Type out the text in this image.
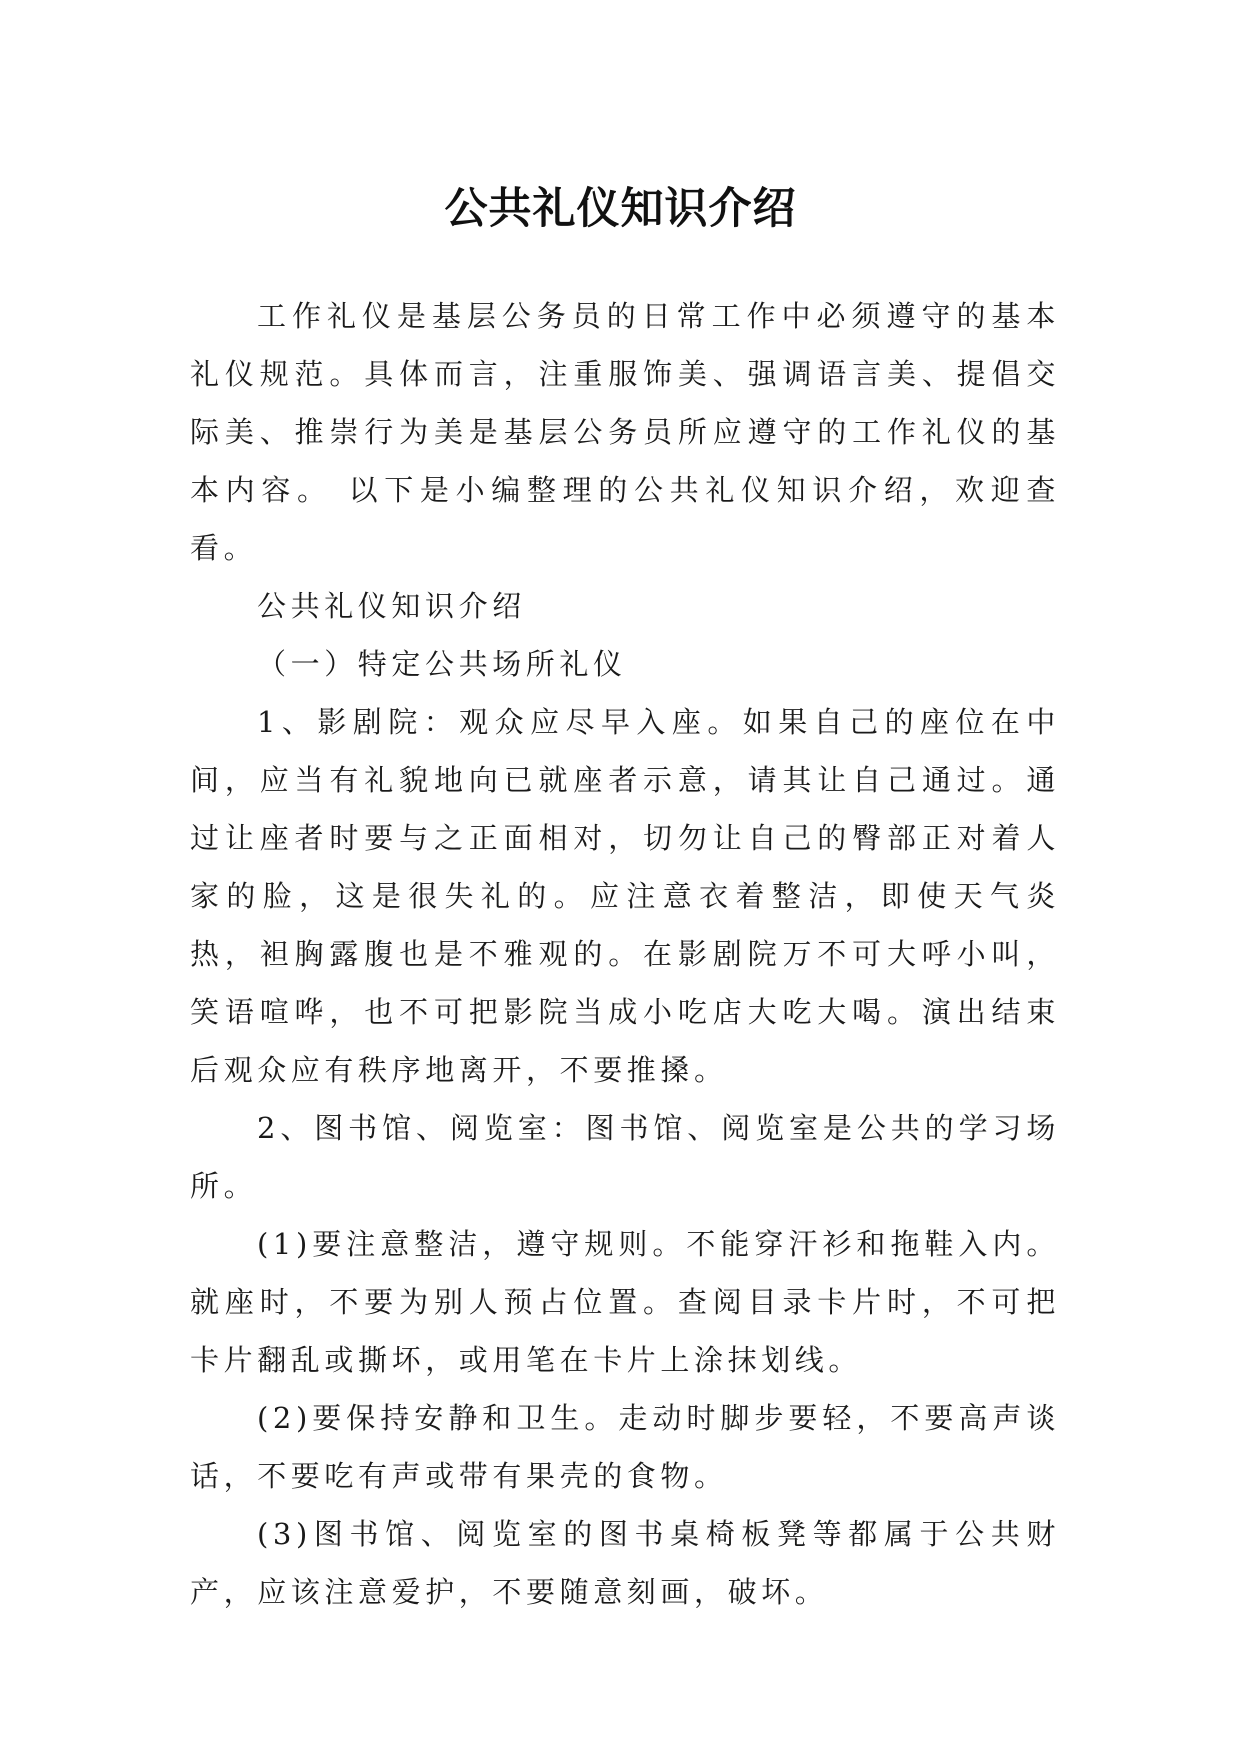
公共礼仪知识介绍

工作礼仪是基层公务员的日常工作中必须遵守的基本礼仪规范。具体而言，注重服饰美、强调语言美、提倡交际美、推崇行为美是基层公务员所应遵守的工作礼仪的基本内容。 以下是小编整理的公共礼仪知识介绍，欢迎查看。

公共礼仪知识介绍

（一）特定公共场所礼仪

1、影剧院：观众应尽早入座。如果自己的座位在中间，应当有礼貌地向已就座者示意，请其让自己通过。通过让座者时要与之正面相对，切勿让自己的臀部正对着人家的脸，这是很失礼的。应注意衣着整洁，即使天气炎热，袒胸露腹也是不雅观的。在影剧院万不可大呼小叫，笑语喧哗，也不可把影院当成小吃店大吃大喝。演出结束后观众应有秩序地离开，不要推搡。

2、图书馆、阅览室：图书馆、阅览室是公共的学习场所。

(1)要注意整洁，遵守规则。不能穿汗衫和拖鞋入内。就座时，不要为别人预占位置。查阅目录卡片时，不可把卡片翻乱或撕坏，或用笔在卡片上涂抹划线。

(2)要保持安静和卫生。走动时脚步要轻，不要高声谈话，不要吃有声或带有果壳的食物。

(3)图书馆、阅览室的图书桌椅板凳等都属于公共财产，应该注意爱护，不要随意刻画，破坏。
